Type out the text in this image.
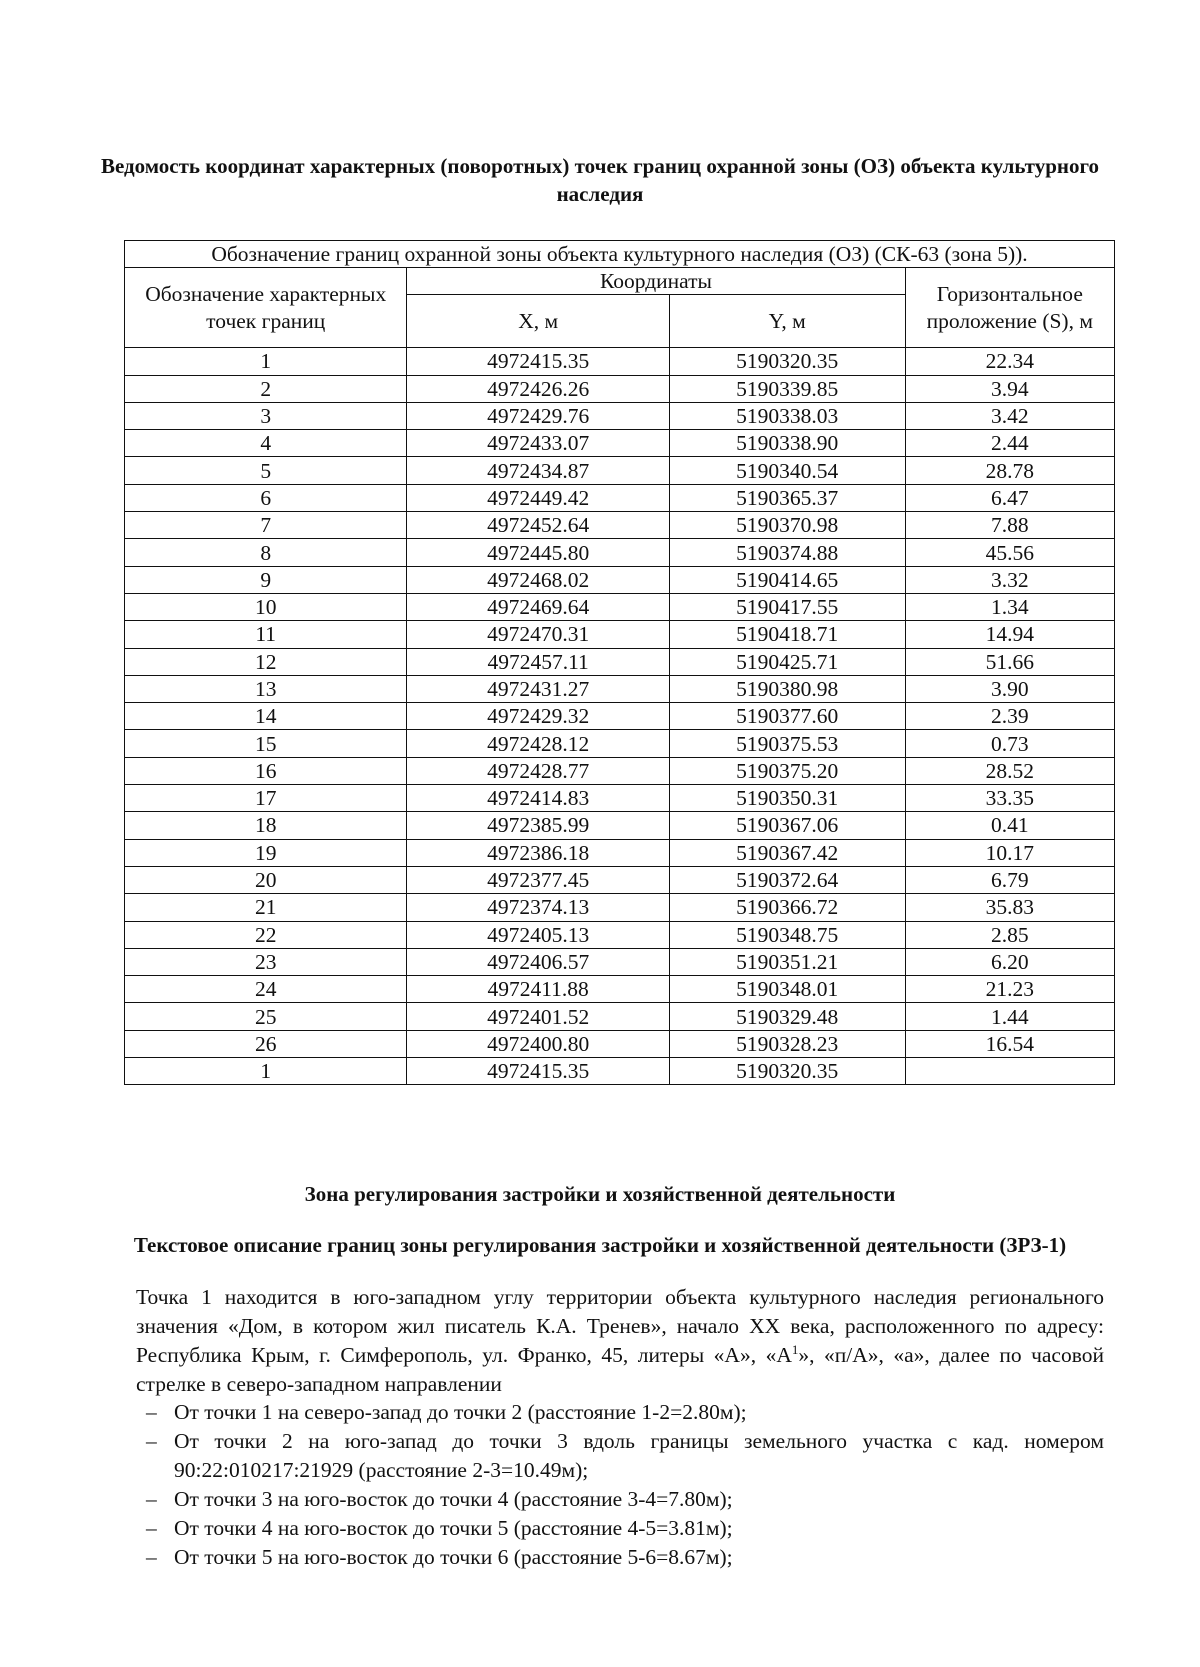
Ведомость координат характерных (поворотных) точек границ охранной зоны (ОЗ) объекта культурного наследия
Обозначение границ охранной зоны объекта культурного наследия (ОЗ) (СК-63 (зона 5)).			
Обозначение характерных точек границ	Координаты		Горизонтальное проложение (S), м
	X, м	Y, м	
1	4972415.35	5190320.35	22.34
2	4972426.26	5190339.85	3.94
3	4972429.76	5190338.03	3.42
4	4972433.07	5190338.90	2.44
5	4972434.87	5190340.54	28.78
6	4972449.42	5190365.37	6.47
7	4972452.64	5190370.98	7.88
8	4972445.80	5190374.88	45.56
9	4972468.02	5190414.65	3.32
10	4972469.64	5190417.55	1.34
11	4972470.31	5190418.71	14.94
12	4972457.11	5190425.71	51.66
13	4972431.27	5190380.98	3.90
14	4972429.32	5190377.60	2.39
15	4972428.12	5190375.53	0.73
16	4972428.77	5190375.20	28.52
17	4972414.83	5190350.31	33.35
18	4972385.99	5190367.06	0.41
19	4972386.18	5190367.42	10.17
20	4972377.45	5190372.64	6.79
21	4972374.13	5190366.72	35.83
22	4972405.13	5190348.75	2.85
23	4972406.57	5190351.21	6.20
24	4972411.88	5190348.01	21.23
25	4972401.52	5190329.48	1.44
26	4972400.80	5190328.23	16.54
1	4972415.35	5190320.35	
Зона регулирования застройки и хозяйственной деятельности
Текстовое описание границ зоны регулирования застройки и хозяйственной деятельности (ЗРЗ-1)
Точка 1 находится в юго-западном углу территории объекта культурного наследия регионального значения «Дом, в котором жил писатель К.А. Тренев», начало ХХ века, расположенного по адресу: Республика Крым, г. Симферополь, ул. Франко, 45, литеры «А», «$А^1$», «п/А», «а», далее по часовой стрелке в северо-западном направлении
– От точки 1 на северо-запад до точки 2 (расстояние 1-2=2.80м);
– От точки 2 на юго-запад до точки 3 вдоль границы земельного участка с кад. номером 90:22:010217:21929 (расстояние 2-3=10.49м);
– От точки 3 на юго-восток до точки 4 (расстояние 3-4=7.80м);
– От точки 4 на юго-восток до точки 5 (расстояние 4-5=3.81м);
– От точки 5 на юго-восток до точки 6 (расстояние 5-6=8.67м);
